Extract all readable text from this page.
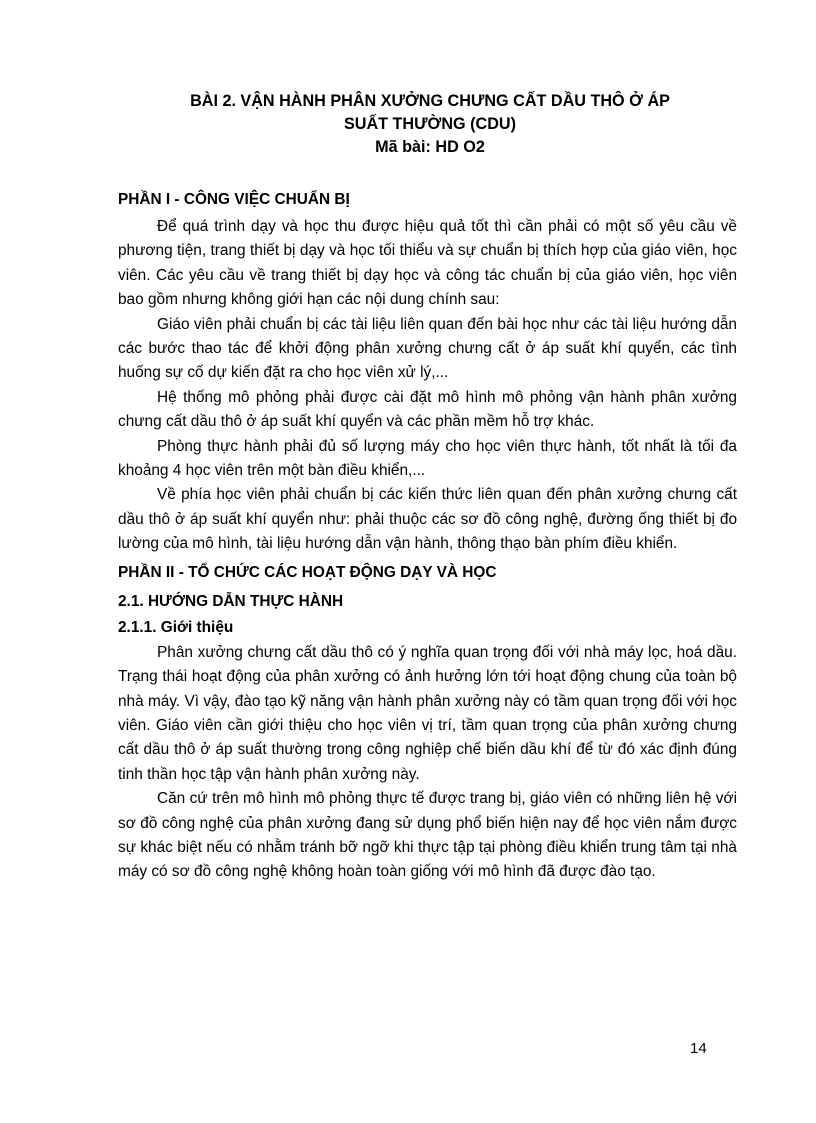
BÀI 2. VẬN HÀNH PHÂN XƯỞNG CHƯNG CẤT DẦU THÔ Ở ÁP
SUẤT THƯỜNG (CDU)
Mã bài: HD O2
PHẦN I - CÔNG VIỆC CHUẨN BỊ

Để quá trình dạy và học thu được hiệu quả tốt thì cần phải có một số yêu cầu về phương tiện, trang thiết bị dạy và học tối thiểu và sự chuẩn bị thích hợp của giáo viên, học viên. Các yêu cầu về trang thiết bị dạy học và công tác chuẩn bị của giáo viên, học viên bao gồm nhưng không giới hạn các nội dung chính sau:

Giáo viên phải chuẩn bị các tài liệu liên quan đến bài học như các tài liệu hướng dẫn các bước thao tác để khởi động phân xưởng chưng cất ở áp suất khí quyển, các tình huống sự cố dự kiến đặt ra cho học viên xử lý,...

Hệ thống mô phỏng phải được cài đặt mô hình mô phỏng vận hành phân xưởng chưng cất dầu thô ở áp suất khí quyển và các phần mềm hỗ trợ khác.

Phòng thực hành phải đủ số lượng máy cho học viên thực hành, tốt nhất là tối đa khoảng 4 học viên trên một bàn điều khiển,...

Về phía học viên phải chuẩn bị các kiến thức liên quan đến phân xưởng chưng cất dầu thô ở áp suất khí quyển như: phải thuộc các sơ đồ công nghệ, đường ống thiết bị đo lường của mô hình, tài liệu hướng dẫn vận hành, thông thạo bàn phím điều khiển.

PHẦN II - TỔ CHỨC CÁC HOẠT ĐỘNG DẠY VÀ HỌC
2.1. HƯỚNG DẪN THỰC HÀNH
2.1.1. Giới thiệu

Phân xưởng chưng cất dầu thô có ý nghĩa quan trọng đối với nhà máy lọc, hoá dầu. Trạng thái hoạt động của phân xưởng có ảnh hưởng lớn tới hoạt động chung của toàn bộ nhà máy. Vì vậy, đào tạo kỹ năng vận hành phân xưởng này có tầm quan trọng đối với học viên. Giáo viên cần giới thiệu cho học viên vị trí, tầm quan trọng của phân xưởng chưng cất dầu thô ở áp suất thường trong công nghiệp chế biến dầu khí để từ đó xác định đúng tinh thần học tập vận hành phân xưởng này.

Căn cứ trên mô hình mô phỏng thực tế được trang bị, giáo viên có những liên hệ với sơ đồ công nghệ của phân xưởng đang sử dụng phổ biến hiện nay để học viên nắm được sự khác biệt nếu có nhằm tránh bỡ ngỡ khi thực tập tại phòng điều khiển trung tâm tại nhà máy có sơ đồ công nghệ không hoàn toàn giống với mô hình đã được đào tạo.

14
